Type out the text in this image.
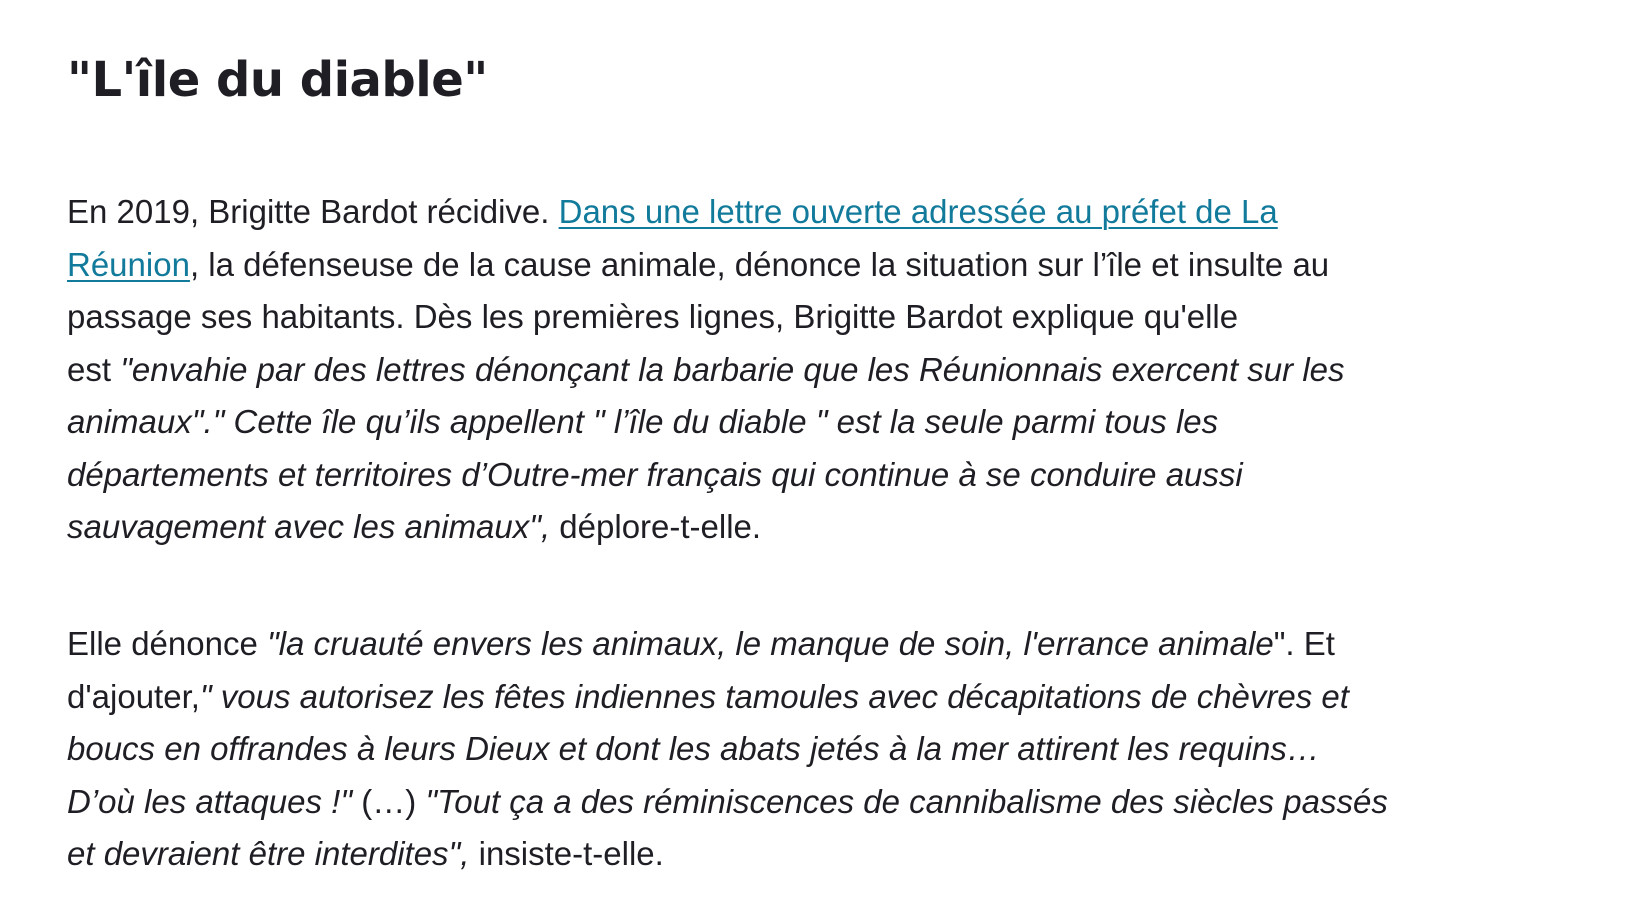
"L'île du diable"

En 2019, Brigitte Bardot récidive. Dans une lettre ouverte adressée au préfet de La
Réunion, la défenseuse de la cause animale, dénonce la situation sur l’île et insulte au
passage ses habitants. Dès les premières lignes, Brigitte Bardot explique qu'elle
est "envahie par des lettres dénonçant la barbarie que les Réunionnais exercent sur les
animaux"." Cette île qu’ils appellent " l’île du diable " est la seule parmi tous les
départements et territoires d’Outre-mer français qui continue à se conduire aussi
sauvagement avec les animaux", déplore-t-elle.

Elle dénonce "la cruauté envers les animaux, le manque de soin, l'errance animale". Et
d'ajouter," vous autorisez les fêtes indiennes tamoules avec décapitations de chèvres et
boucs en offrandes à leurs Dieux et dont les abats jetés à la mer attirent les requins…
D’où les attaques !" (…) "Tout ça a des réminiscences de cannibalisme des siècles passés
et devraient être interdites", insiste-t-elle.
